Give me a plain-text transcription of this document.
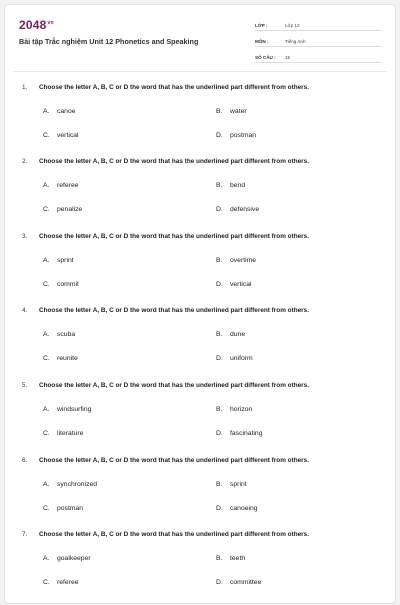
$2048^{vn}$
Bài tập Trắc nghiệm Unit 12 Phonetics and Speaking
LỚP :	Lớp 12
MÔN :	Tiếng Anh
SỐ CÂU :	15
1. Choose the letter A, B, C or D the word that has the underlined part different from others.
A. canoe	B. water
C. vertical	D. postman
2. Choose the letter A, B, C or D the word that has the underlined part different from others.
A. referee	B. bend
C. penalize	D. defensive
3. Choose the letter A, B, C or D the word that has the underlined part different from others.
A. sprint	B. overtime
C. commit	D. vertical
4. Choose the letter A, B, C or D the word that has the underlined part different from others.
A. scuba	B. dune
C. reunite	D. uniform
5. Choose the letter A, B, C or D the word that has the underlined part different from others.
A. windsurfing	B. horizon
C. literature	D. fascinating
6. Choose the letter A, B, C or D the word that has the underlined part different from others.
A. synchronized	B. sprint
C. postman	D. canoeing
7. Choose the letter A, B, C or D the word that has the underlined part different from others.
A. goalkeeper	B. teeth
C. referee	D. committee
